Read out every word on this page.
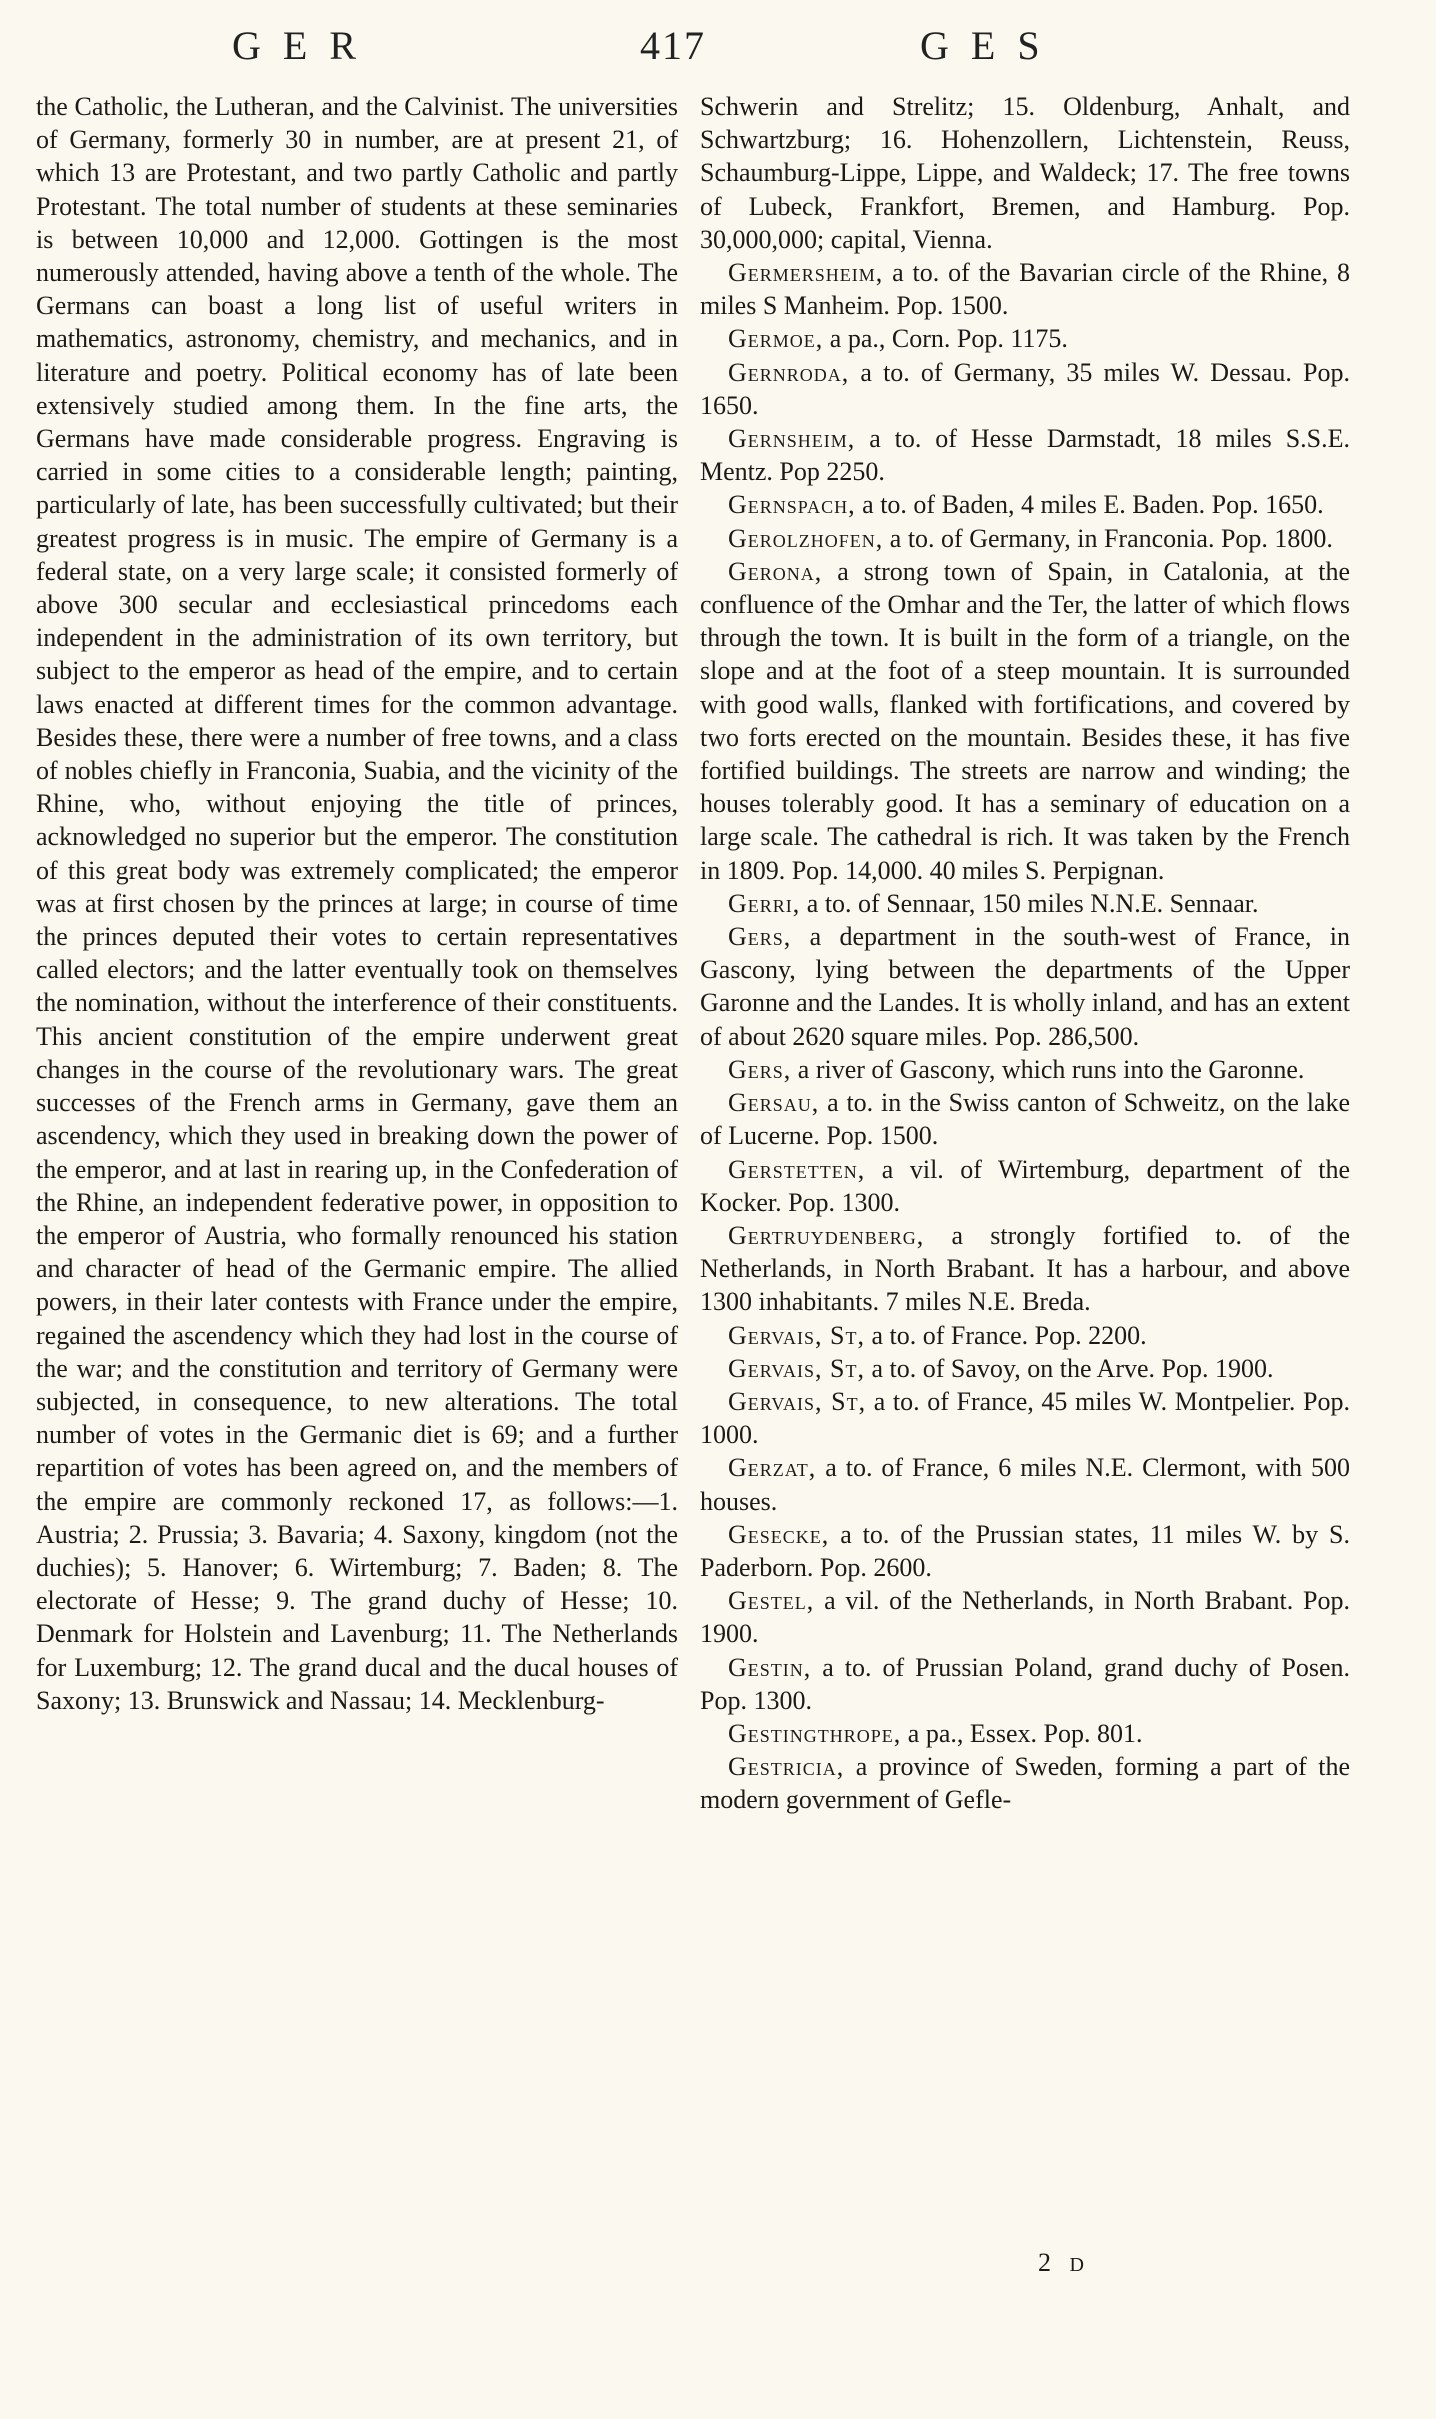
GER	417	GES

the Catholic, the Lutheran, and the Calvinist. The universities of Germany, formerly 30 in number, are at present 21, of which 13 are Protestant, and two partly Catholic and partly Protestant. The total number of students at these seminaries is between 10,000 and 12,000. Gottingen is the most numerously attended, having above a tenth of the whole. The Germans can boast a long list of useful writers in mathematics, astronomy, chemistry, and mechanics, and in literature and poetry. Political economy has of late been extensively studied among them. In the fine arts, the Germans have made considerable progress. Engraving is carried in some cities to a considerable length; painting, particularly of late, has been successfully cultivated; but their greatest progress is in music. The empire of Germany is a federal state, on a very large scale; it consisted formerly of above 300 secular and ecclesiastical princedoms each independent in the administration of its own territory, but subject to the emperor as head of the empire, and to certain laws enacted at different times for the common advantage. Besides these, there were a number of free towns, and a class of nobles chiefly in Franconia, Suabia, and the vicinity of the Rhine, who, without enjoying the title of princes, acknowledged no superior but the emperor. The constitution of this great body was extremely complicated; the emperor was at first chosen by the princes at large; in course of time the princes deputed their votes to certain representatives called electors; and the latter eventually took on themselves the nomination, without the interference of their constituents. This ancient constitution of the empire underwent great changes in the course of the revolutionary wars. The great successes of the French arms in Germany, gave them an ascendency, which they used in breaking down the power of the emperor, and at last in rearing up, in the Confederation of the Rhine, an independent federative power, in opposition to the emperor of Austria, who formally renounced his station and character of head of the Germanic empire. The allied powers, in their later contests with France under the empire, regained the ascendency which they had lost in the course of the war; and the constitution and territory of Germany were subjected, in consequence, to new alterations. The total number of votes in the Germanic diet is 69; and a further repartition of votes has been agreed on, and the members of the empire are commonly reckoned 17, as follows:—1. Austria; 2. Prussia; 3. Bavaria; 4. Saxony, kingdom (not the duchies); 5. Hanover; 6. Wirtemburg; 7. Baden; 8. The electorate of Hesse; 9. The grand duchy of Hesse; 10. Denmark for Holstein and Lavenburg; 11. The Netherlands for Luxemburg; 12. The grand ducal and the ducal houses of Saxony; 13. Brunswick and Nassau; 14. Mecklenburg-

Schwerin and Strelitz; 15. Oldenburg, Anhalt, and Schwartzburg; 16. Hohenzollern, Lichtenstein, Reuss, Schaumburg-Lippe, Lippe, and Waldeck; 17. The free towns of Lubeck, Frankfort, Bremen, and Hamburg. Pop. 30,000,000; capital, Vienna.

Germersheim, a to. of the Bavarian circle of the Rhine, 8 miles S Manheim. Pop. 1500.

Germoe, a pa., Corn. Pop. 1175.

Gernroda, a to. of Germany, 35 miles W. Dessau. Pop. 1650.

Gernsheim, a to. of Hesse Darmstadt, 18 miles S.S.E. Mentz. Pop 2250.

Gernspach, a to. of Baden, 4 miles E. Baden. Pop. 1650.

Gerolzhofen, a to. of Germany, in Franconia. Pop. 1800.

Gerona, a strong town of Spain, in Catalonia, at the confluence of the Omhar and the Ter, the latter of which flows through the town. It is built in the form of a triangle, on the slope and at the foot of a steep mountain. It is surrounded with good walls, flanked with fortifications, and covered by two forts erected on the mountain. Besides these, it has five fortified buildings. The streets are narrow and winding; the houses tolerably good. It has a seminary of education on a large scale. The cathedral is rich. It was taken by the French in 1809. Pop. 14,000. 40 miles S. Perpignan.

Gerri, a to. of Sennaar, 150 miles N.N.E. Sennaar.

Gers, a department in the south-west of France, in Gascony, lying between the departments of the Upper Garonne and the Landes. It is wholly inland, and has an extent of about 2620 square miles. Pop. 286,500.

Gers, a river of Gascony, which runs into the Garonne.

Gersau, a to. in the Swiss canton of Schweitz, on the lake of Lucerne. Pop. 1500.

Gerstetten, a vil. of Wirtemburg, department of the Kocker. Pop. 1300.

Gertruydenberg, a strongly fortified to. of the Netherlands, in North Brabant. It has a harbour, and above 1300 inhabitants. 7 miles N.E. Breda.

Gervais, St, a to. of France. Pop. 2200.

Gervais, St, a to. of Savoy, on the Arve. Pop. 1900.

Gervais, St, a to. of France, 45 miles W. Montpelier. Pop. 1000.

Gerzat, a to. of France, 6 miles N.E. Clermont, with 500 houses.

Gesecke, a to. of the Prussian states, 11 miles W. by S. Paderborn. Pop. 2600.

Gestel, a vil. of the Netherlands, in North Brabant. Pop. 1900.

Gestin, a to. of Prussian Poland, grand duchy of Posen. Pop. 1300.

Gestingthrope, a pa., Essex. Pop. 801.

Gestricia, a province of Sweden, forming a part of the modern government of Gefle-

2 D
